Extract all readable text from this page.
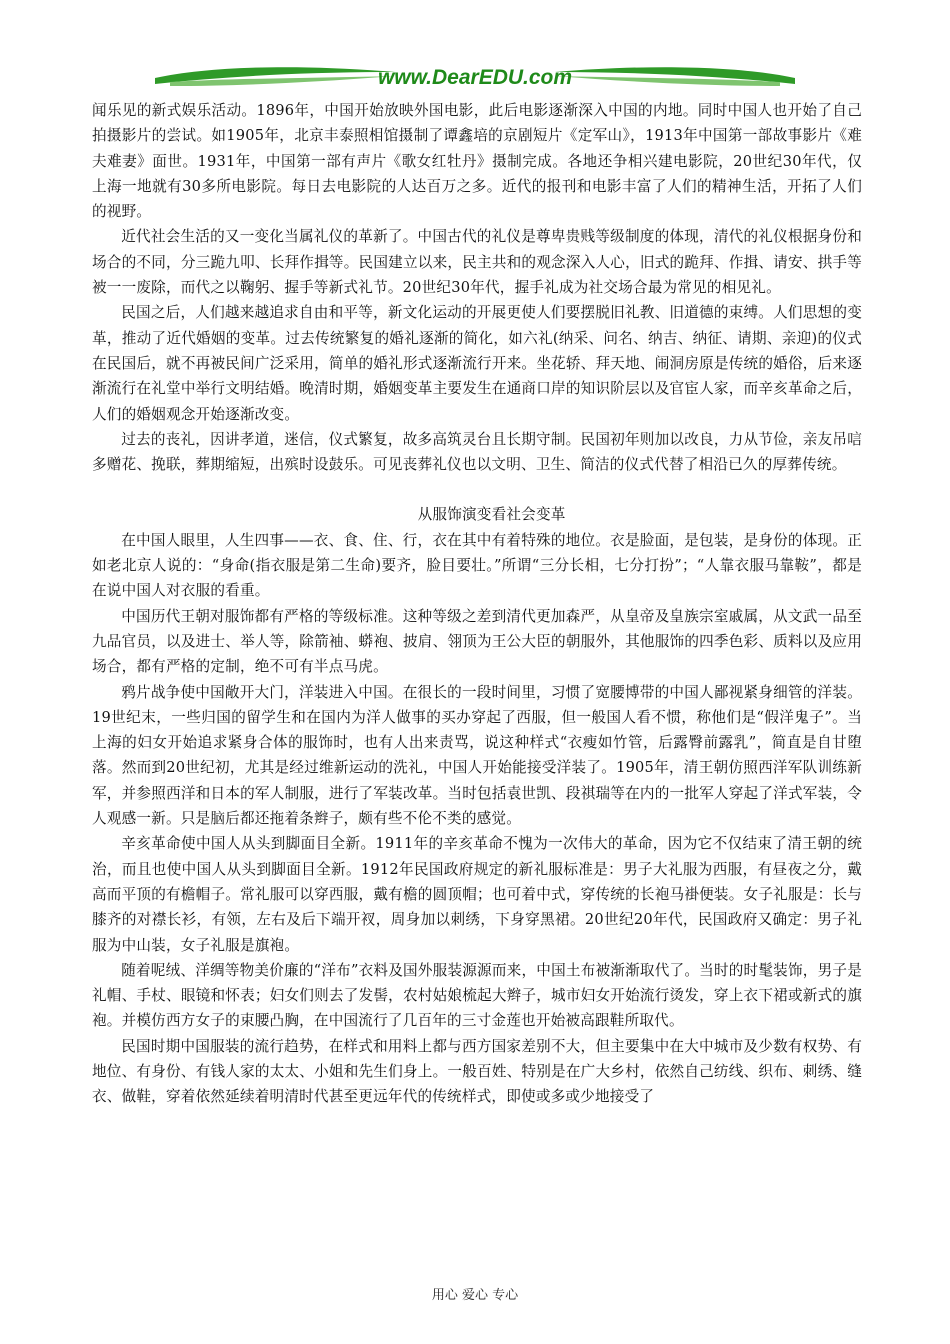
www.DearEDU.com

闻乐见的新式娱乐活动。1896年，中国开始放映外国电影，此后电影逐渐深入中国的内地。同时中国人也开始了自己拍摄影片的尝试。如1905年，北京丰泰照相馆摄制了谭鑫培的京剧短片《定军山》，1913年中国第一部故事影片《难夫难妻》面世。1931年，中国第一部有声片《歌女红牡丹》摄制完成。各地还争相兴建电影院，20世纪30年代，仅上海一地就有30多所电影院。每日去电影院的人达百万之多。近代的报刊和电影丰富了人们的精神生活，开拓了人们的视野。

近代社会生活的又一变化当属礼仪的革新了。中国古代的礼仪是尊卑贵贱等级制度的体现，清代的礼仪根据身份和场合的不同，分三跪九叩、长拜作揖等。民国建立以来，民主共和的观念深入人心，旧式的跪拜、作揖、请安、拱手等被一一废除，而代之以鞠躬、握手等新式礼节。20世纪30年代，握手礼成为社交场合最为常见的相见礼。

民国之后，人们越来越追求自由和平等，新文化运动的开展更使人们要摆脱旧礼教、旧道德的束缚。人们思想的变革，推动了近代婚姻的变革。过去传统繁复的婚礼逐渐的简化，如六礼(纳采、问名、纳吉、纳征、请期、亲迎)的仪式在民国后，就不再被民间广泛采用，简单的婚礼形式逐渐流行开来。坐花轿、拜天地、闹洞房原是传统的婚俗，后来逐渐流行在礼堂中举行文明结婚。晚清时期，婚姻变革主要发生在通商口岸的知识阶层以及官宦人家，而辛亥革命之后，人们的婚姻观念开始逐渐改变。

过去的丧礼，因讲孝道，迷信，仪式繁复，故多高筑灵台且长期守制。民国初年则加以改良，力从节俭，亲友吊唁多赠花、挽联，葬期缩短，出殡时设鼓乐。可见丧葬礼仪也以文明、卫生、简洁的仪式代替了相沿已久的厚葬传统。

从服饰演变看社会变革

在中国人眼里，人生四事——衣、食、住、行，衣在其中有着特殊的地位。衣是脸面，是包装，是身份的体现。正如老北京人说的：“身命(指衣服是第二生命)要齐，脸目要壮。”所谓“三分长相，七分打扮”；“人靠衣服马靠鞍”，都是在说中国人对衣服的看重。

中国历代王朝对服饰都有严格的等级标准。这种等级之差到清代更加森严，从皇帝及皇族宗室戚属，从文武一品至九品官员，以及进士、举人等，除箭袖、蟒袍、披肩、翎顶为王公大臣的朝服外，其他服饰的四季色彩、质料以及应用场合，都有严格的定制，绝不可有半点马虎。

鸦片战争使中国敞开大门，洋装进入中国。在很长的一段时间里，习惯了宽腰博带的中国人鄙视紧身细管的洋装。19世纪末，一些归国的留学生和在国内为洋人做事的买办穿起了西服，但一般国人看不惯，称他们是“假洋鬼子”。当上海的妇女开始追求紧身合体的服饰时，也有人出来责骂，说这种样式“衣瘦如竹管，后露臀前露乳”，简直是自甘堕落。然而到20世纪初，尤其是经过维新运动的洗礼，中国人开始能接受洋装了。1905年，清王朝仿照西洋军队训练新军，并参照西洋和日本的军人制服，进行了军装改革。当时包括袁世凯、段祺瑞等在内的一批军人穿起了洋式军装，令人观感一新。只是脑后都还拖着条辫子，颇有些不伦不类的感觉。

辛亥革命使中国人从头到脚面目全新。1911年的辛亥革命不愧为一次伟大的革命，因为它不仅结束了清王朝的统治，而且也使中国人从头到脚面目全新。1912年民国政府规定的新礼服标准是：男子大礼服为西服，有昼夜之分，戴高而平顶的有檐帽子。常礼服可以穿西服，戴有檐的圆顶帽；也可着中式，穿传统的长袍马褂便装。女子礼服是：长与膝齐的对襟长衫，有领，左右及后下端开衩，周身加以刺绣，下身穿黑裙。20世纪20年代，民国政府又确定：男子礼服为中山装，女子礼服是旗袍。

随着呢绒、洋绸等物美价廉的“洋布”衣料及国外服装源源而来，中国土布被渐渐取代了。当时的时髦装饰，男子是礼帽、手杖、眼镜和怀表；妇女们则去了发髻，农村姑娘梳起大辫子，城市妇女开始流行烫发，穿上衣下裙或新式的旗袍。并模仿西方女子的束腰凸胸，在中国流行了几百年的三寸金莲也开始被高跟鞋所取代。

民国时期中国服装的流行趋势，在样式和用料上都与西方国家差别不大，但主要集中在大中城市及少数有权势、有地位、有身份、有钱人家的太太、小姐和先生们身上。一般百姓、特别是在广大乡村，依然自己纺线、织布、刺绣、缝衣、做鞋，穿着依然延续着明清时代甚至更远年代的传统样式，即使或多或少地接受了

用心 爱心 专心
